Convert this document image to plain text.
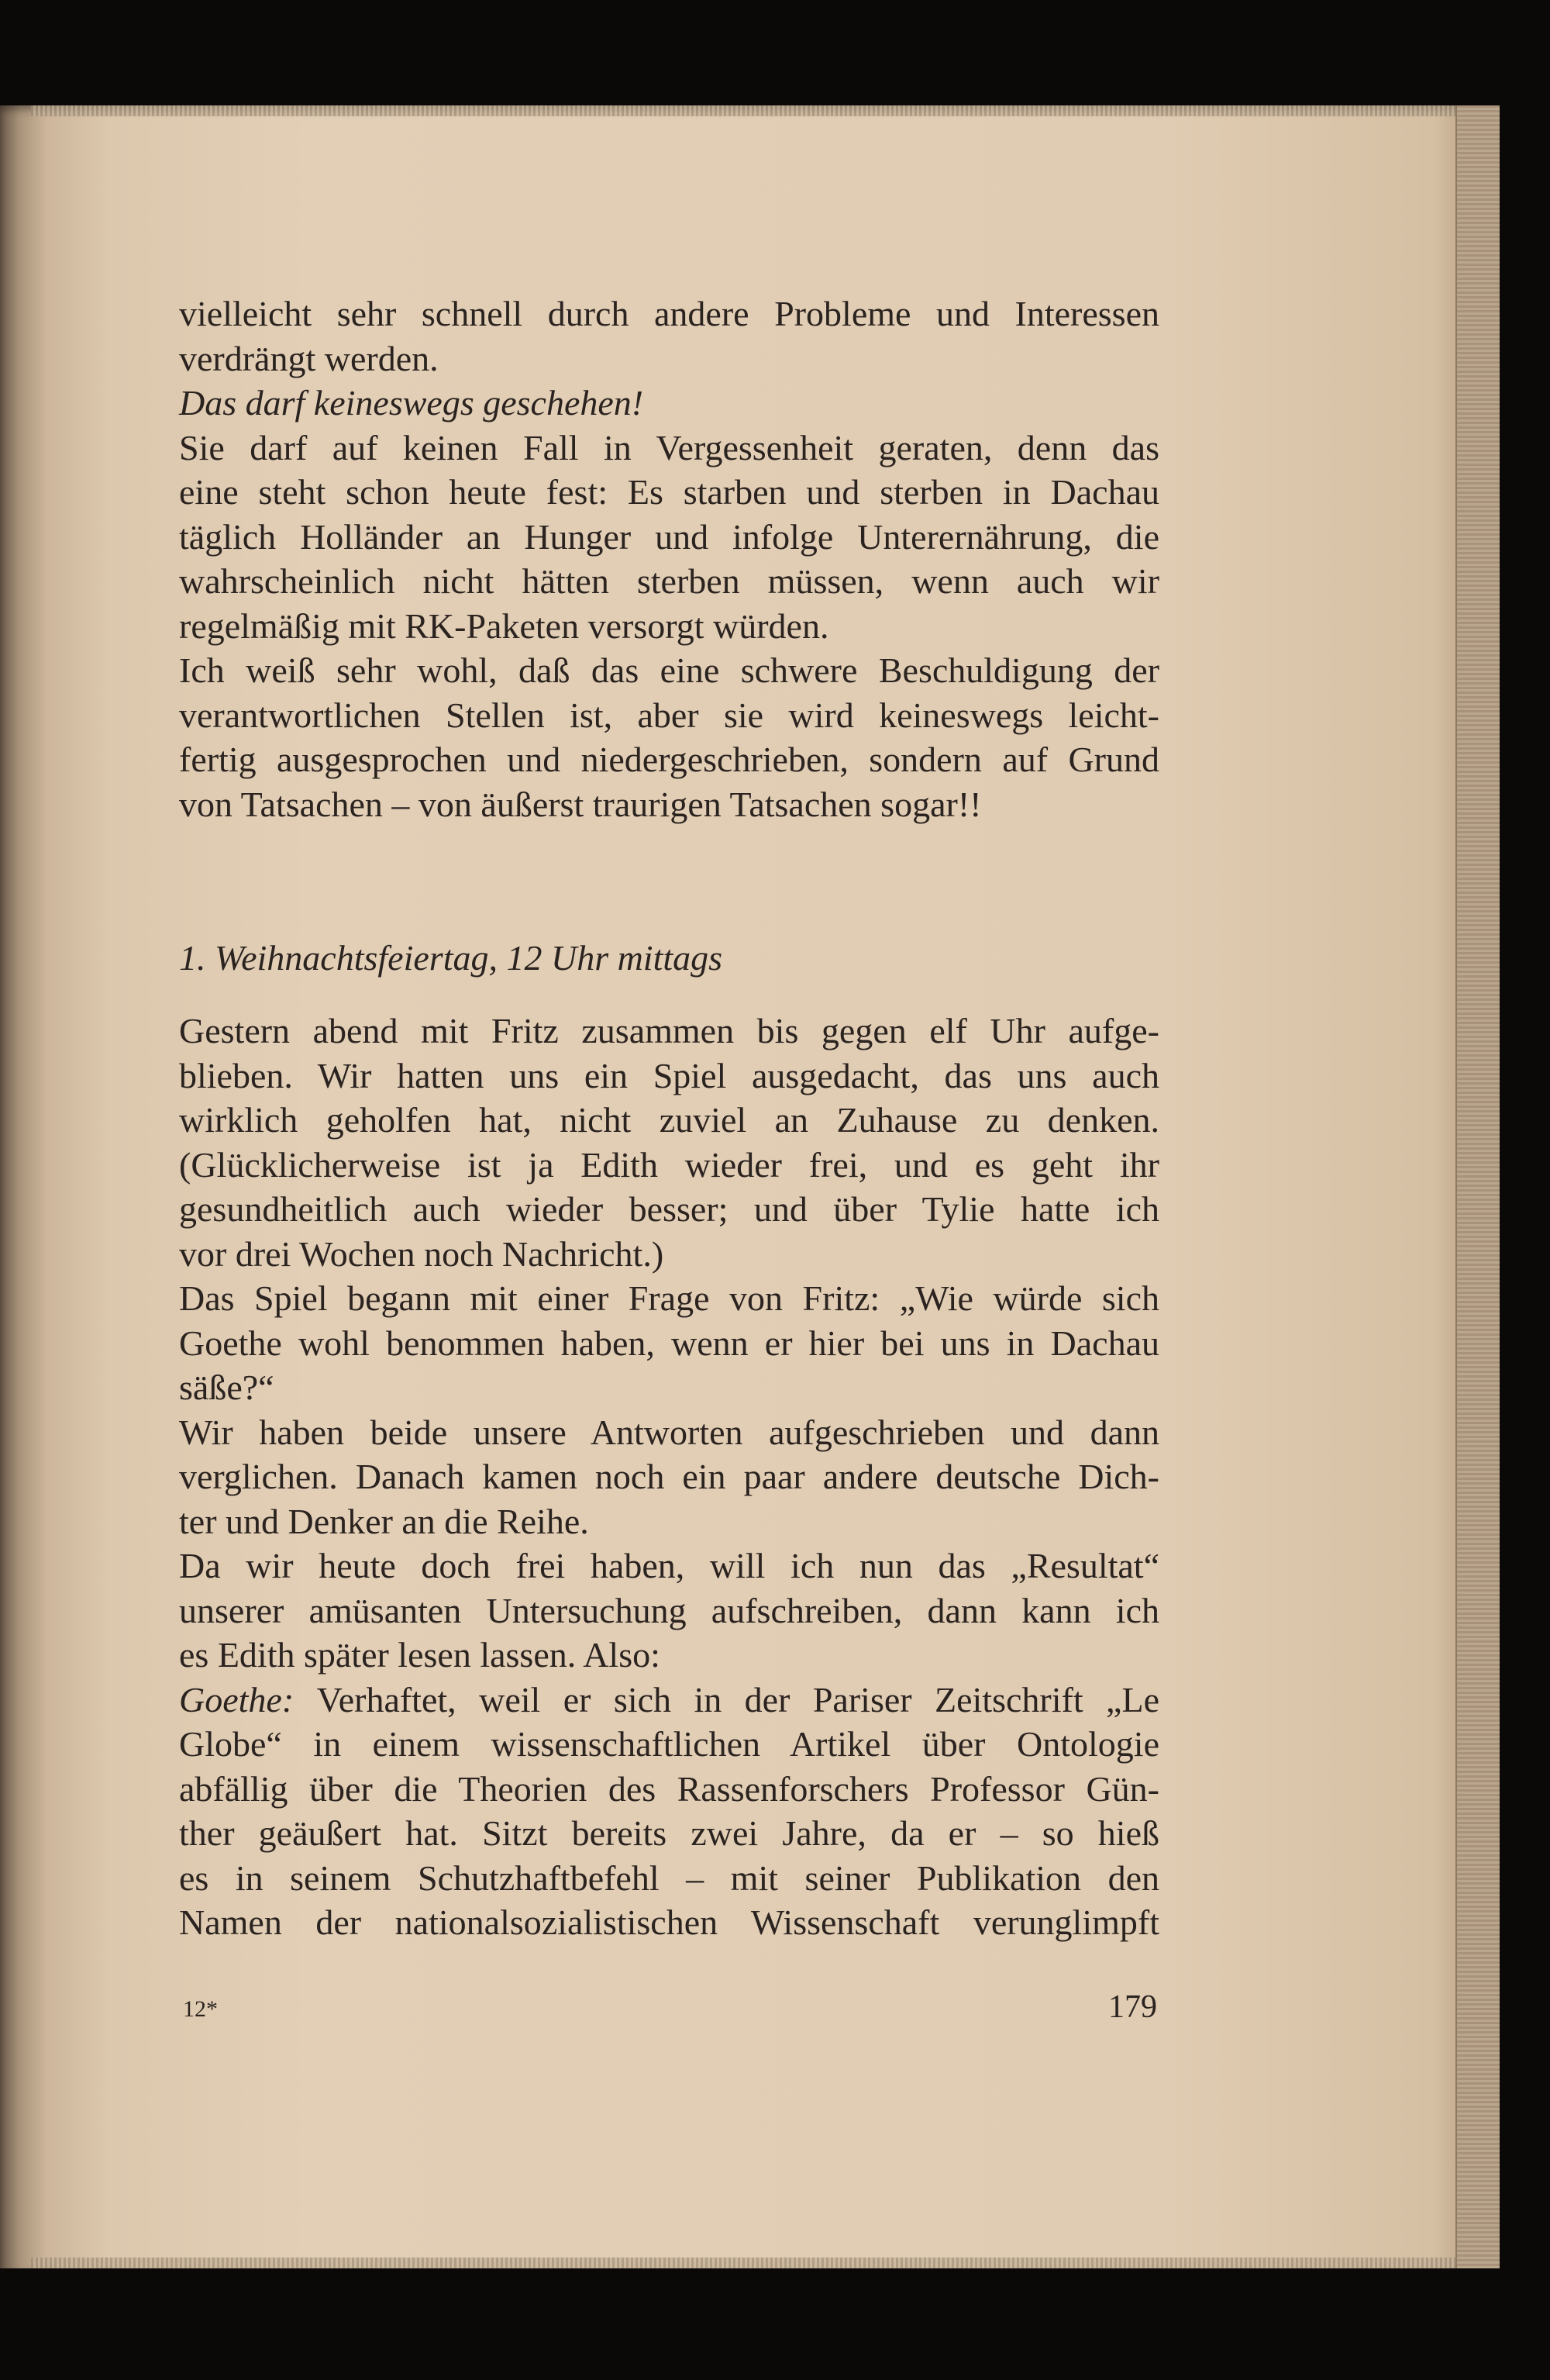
vielleicht sehr schnell durch andere Probleme und Interessen
verdrängt werden.
Das darf keineswegs geschehen!
Sie darf auf keinen Fall in Vergessenheit geraten, denn das
eine steht schon heute fest: Es starben und sterben in Dachau
täglich Holländer an Hunger und infolge Unterernährung, die
wahrscheinlich nicht hätten sterben müssen, wenn auch wir
regelmäßig mit RK-Paketen versorgt würden.
Ich weiß sehr wohl, daß das eine schwere Beschuldigung der
verantwortlichen Stellen ist, aber sie wird keineswegs leicht-
fertig ausgesprochen und niedergeschrieben, sondern auf Grund
von Tatsachen – von äußerst traurigen Tatsachen sogar!!
1. Weihnachtsfeiertag, 12 Uhr mittags
Gestern abend mit Fritz zusammen bis gegen elf Uhr aufge-
blieben. Wir hatten uns ein Spiel ausgedacht, das uns auch
wirklich geholfen hat, nicht zuviel an Zuhause zu denken.
(Glücklicherweise ist ja Edith wieder frei, und es geht ihr
gesundheitlich auch wieder besser; und über Tylie hatte ich
vor drei Wochen noch Nachricht.)
Das Spiel begann mit einer Frage von Fritz: „Wie würde sich
Goethe wohl benommen haben, wenn er hier bei uns in Dachau
säße?“
Wir haben beide unsere Antworten aufgeschrieben und dann
verglichen. Danach kamen noch ein paar andere deutsche Dich-
ter und Denker an die Reihe.
Da wir heute doch frei haben, will ich nun das „Resultat“
unserer amüsanten Untersuchung aufschreiben, dann kann ich
es Edith später lesen lassen. Also:
Goethe: Verhaftet, weil er sich in der Pariser Zeitschrift „Le
Globe“ in einem wissenschaftlichen Artikel über Ontologie
abfällig über die Theorien des Rassenforschers Professor Gün-
ther geäußert hat. Sitzt bereits zwei Jahre, da er – so hieß
es in seinem Schutzhaftbefehl – mit seiner Publikation den
Namen der nationalsozialistischen Wissenschaft verunglimpft
12*	179
